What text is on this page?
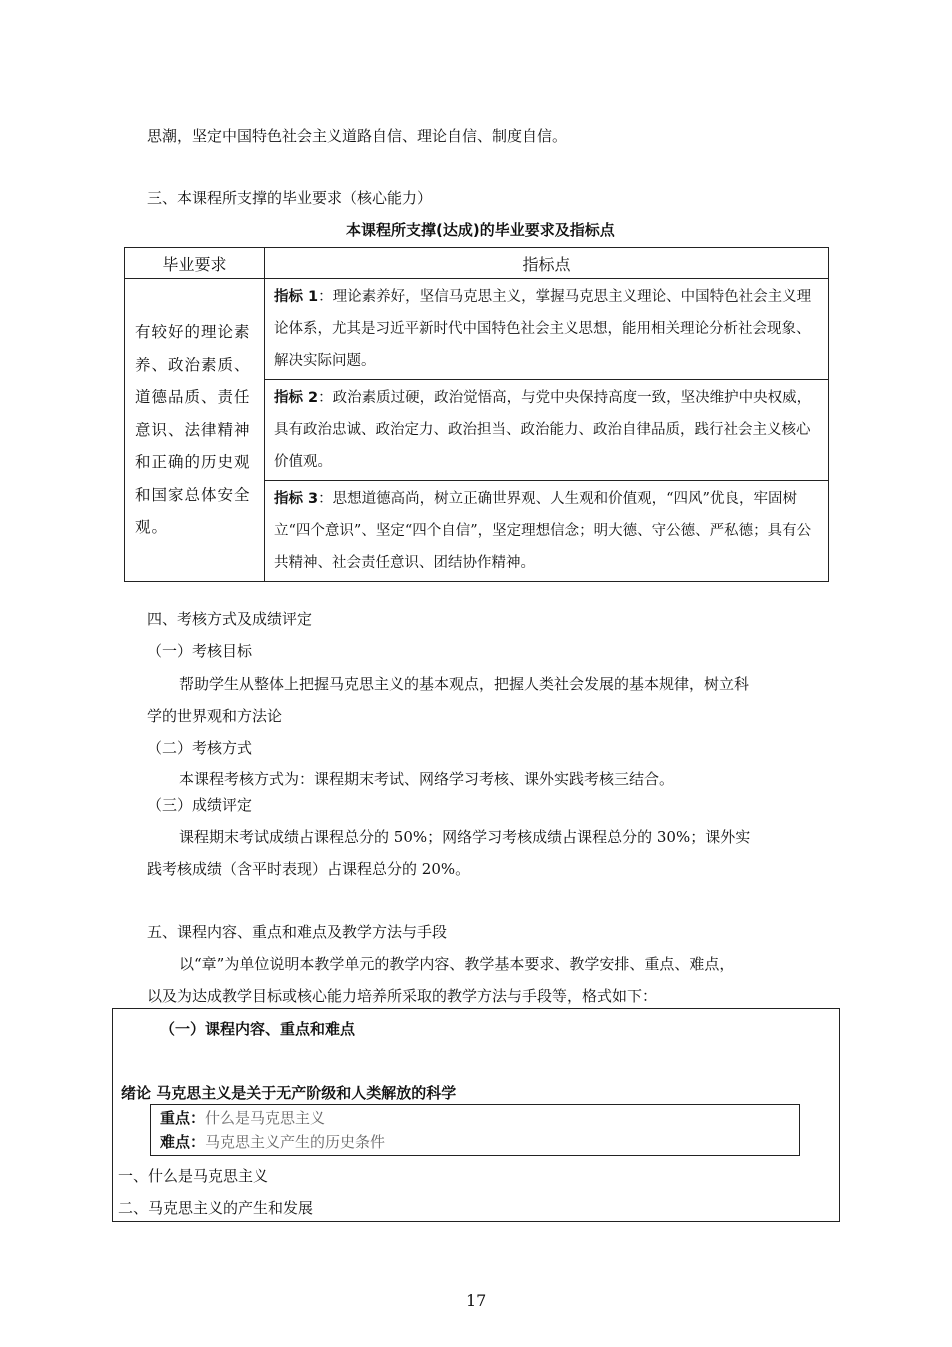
思潮，坚定中国特色社会主义道路自信、理论自信、制度自信。
三、本课程所支撑的毕业要求（核心能力）
本课程所支撑(达成)的毕业要求及指标点
毕业要求	指标点
有较好的理论素养、政治素质、道德品质、责任意识、法律精神和正确的历史观和国家总体安全观。	指标 1：理论素养好，坚信马克思主义，掌握马克思主义理论、中国特色社会主义理论体系，尤其是习近平新时代中国特色社会主义思想，能用相关理论分析社会现象、解决实际问题。
	指标 2：政治素质过硬，政治觉悟高，与党中央保持高度一致，坚决维护中央权威，具有政治忠诚、政治定力、政治担当、政治能力、政治自律品质，践行社会主义核心价值观。
	指标 3：思想道德高尚，树立正确世界观、人生观和价值观，“四风”优良，牢固树立“四个意识”、坚定“四个自信”，坚定理想信念；明大德、守公德、严私德；具有公共精神、社会责任意识、团结协作精神。
四、考核方式及成绩评定
（一）考核目标
帮助学生从整体上把握马克思主义的基本观点，把握人类社会发展的基本规律，树立科
学的世界观和方法论
（二）考核方式
本课程考核方式为：课程期末考试、网络学习考核、课外实践考核三结合。
（三）成绩评定
课程期末考试成绩占课程总分的 50%；网络学习考核成绩占课程总分的 30%；课外实
践考核成绩（含平时表现）占课程总分的 20%。
五、课程内容、重点和难点及教学方法与手段
以“章”为单位说明本教学单元的教学内容、教学基本要求、教学安排、重点、难点，
以及为达成教学目标或核心能力培养所采取的教学方法与手段等，格式如下：
（一）课程内容、重点和难点
绪论 马克思主义是关于无产阶级和人类解放的科学
重点：什么是马克思主义
难点：马克思主义产生的历史条件
一、什么是马克思主义
二、马克思主义的产生和发展
17
